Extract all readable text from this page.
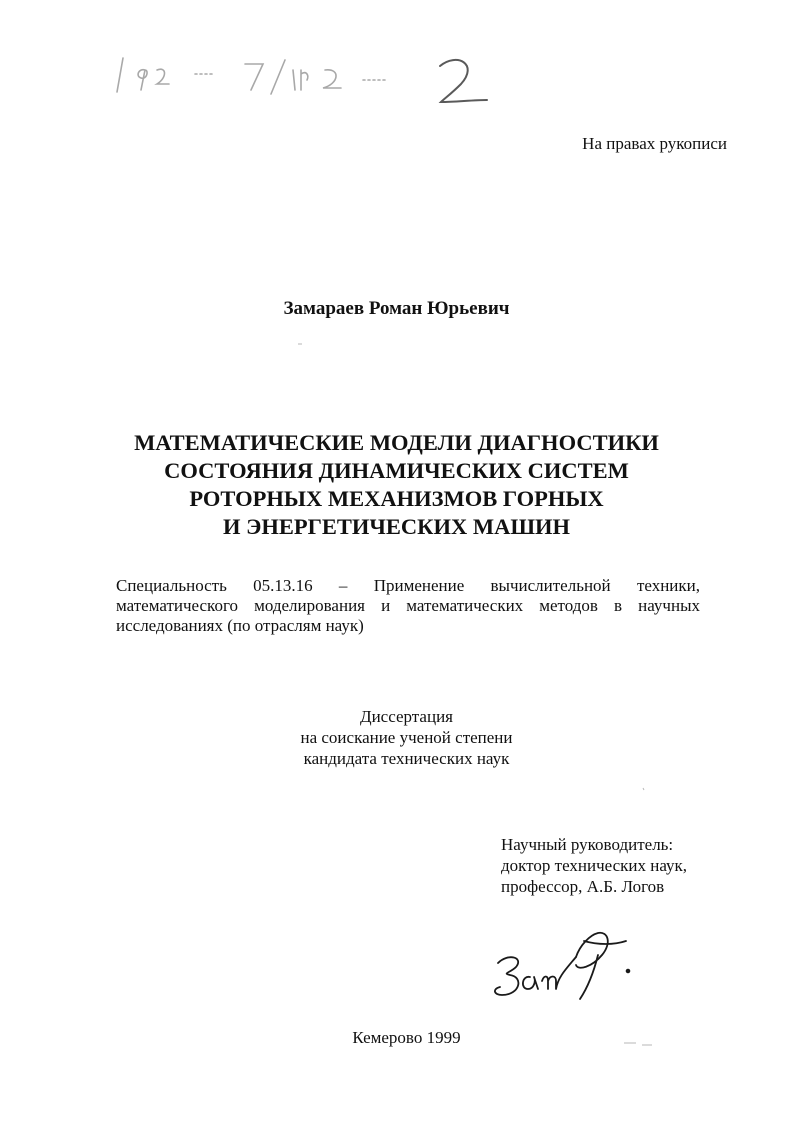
На правах рукописи
Замараев Роман Юрьевич
МАТЕМАТИЧЕСКИЕ МОДЕЛИ ДИАГНОСТИКИ
СОСТОЯНИЯ ДИНАМИЧЕСКИХ СИСТЕМ
РОТОРНЫХ МЕХАНИЗМОВ ГОРНЫХ
И ЭНЕРГЕТИЧЕСКИХ МАШИН
Специальность 05.13.16 – Применение вычислительной техники,
математического моделирования и математических методов в научных
исследованиях (по отраслям наук)
Диссертация
на соискание ученой степени
кандидата технических наук
Научный руководитель:
доктор технических наук,
профессор, А.Б. Логов
Кемерово 1999
